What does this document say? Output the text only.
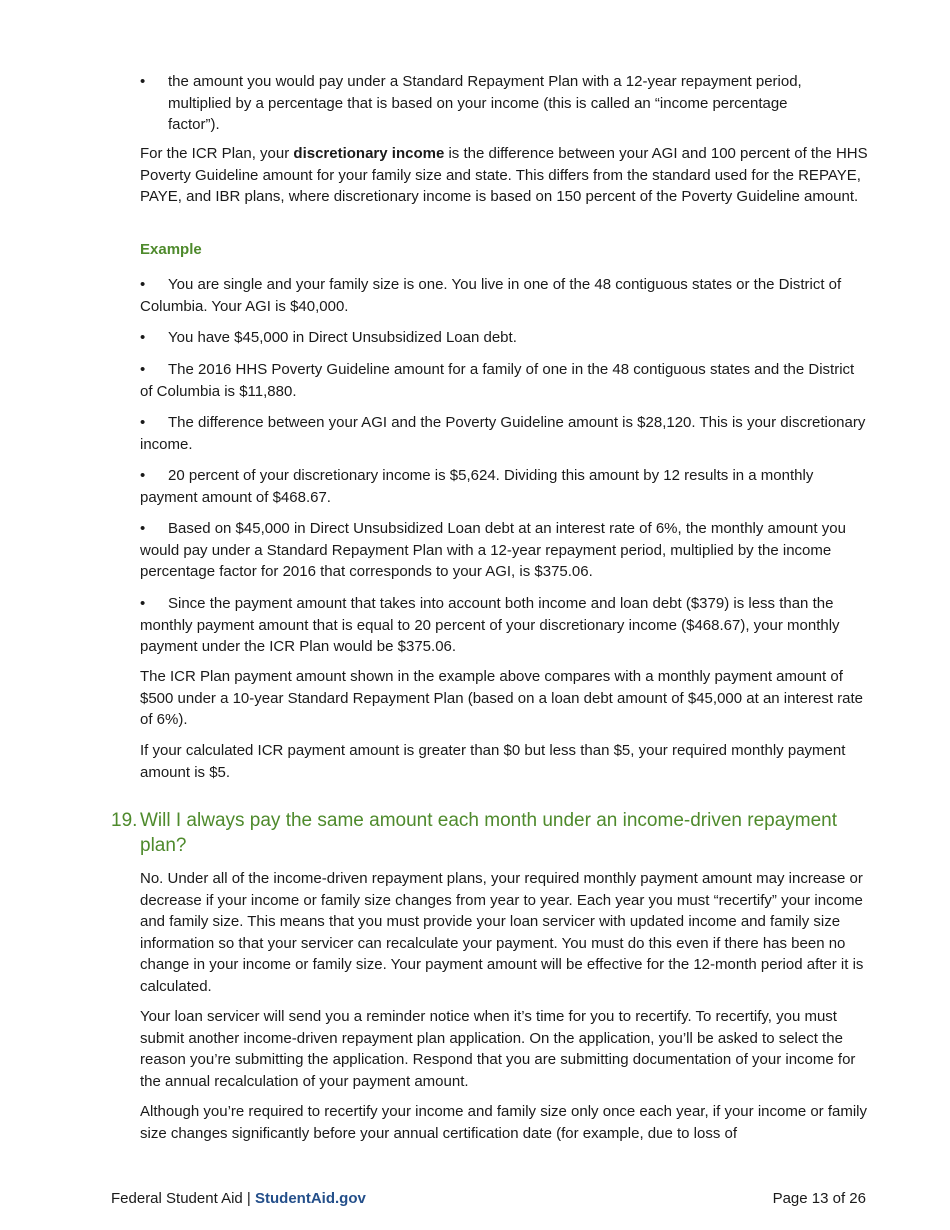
• the amount you would pay under a Standard Repayment Plan with a 12-year repayment period, multiplied by a percentage that is based on your income (this is called an “income percentage factor”).
For the ICR Plan, your discretionary income is the difference between your AGI and 100 percent of the HHS Poverty Guideline amount for your family size and state. This differs from the standard used for the REPAYE, PAYE, and IBR plans, where discretionary income is based on 150 percent of the Poverty Guideline amount.
Example
• You are single and your family size is one. You live in one of the 48 contiguous states or the District of Columbia. Your AGI is $40,000.
• You have $45,000 in Direct Unsubsidized Loan debt.
• The 2016 HHS Poverty Guideline amount for a family of one in the 48 contiguous states and the District of Columbia is $11,880.
• The difference between your AGI and the Poverty Guideline amount is $28,120. This is your discretionary income.
• 20 percent of your discretionary income is $5,624. Dividing this amount by 12 results in a monthly payment amount of $468.67.
• Based on $45,000 in Direct Unsubsidized Loan debt at an interest rate of 6%, the monthly amount you would pay under a Standard Repayment Plan with a 12-year repayment period, multiplied by the income percentage factor for 2016 that corresponds to your AGI, is $375.06.
• Since the payment amount that takes into account both income and loan debt ($379) is less than the monthly payment amount that is equal to 20 percent of your discretionary income ($468.67), your monthly payment under the ICR Plan would be $375.06.
The ICR Plan payment amount shown in the example above compares with a monthly payment amount of $500 under a 10-year Standard Repayment Plan (based on a loan debt amount of $45,000 at an interest rate of 6%).
If your calculated ICR payment amount is greater than $0 but less than $5, your required monthly payment amount is $5.
19. Will I always pay the same amount each month under an income-driven repayment plan?
No. Under all of the income-driven repayment plans, your required monthly payment amount may increase or decrease if your income or family size changes from year to year. Each year you must “recertify” your income and family size. This means that you must provide your loan servicer with updated income and family size information so that your servicer can recalculate your payment. You must do this even if there has been no change in your income or family size. Your payment amount will be effective for the 12-month period after it is calculated.
Your loan servicer will send you a reminder notice when it’s time for you to recertify. To recertify, you must submit another income-driven repayment plan application. On the application, you’ll be asked to select the reason you’re submitting the application. Respond that you are submitting documentation of your income for the annual recalculation of your payment amount.
Although you’re required to recertify your income and family size only once each year, if your income or family size changes significantly before your annual certification date (for example, due to loss of
Federal Student Aid | StudentAid.gov	Page 13 of 26
